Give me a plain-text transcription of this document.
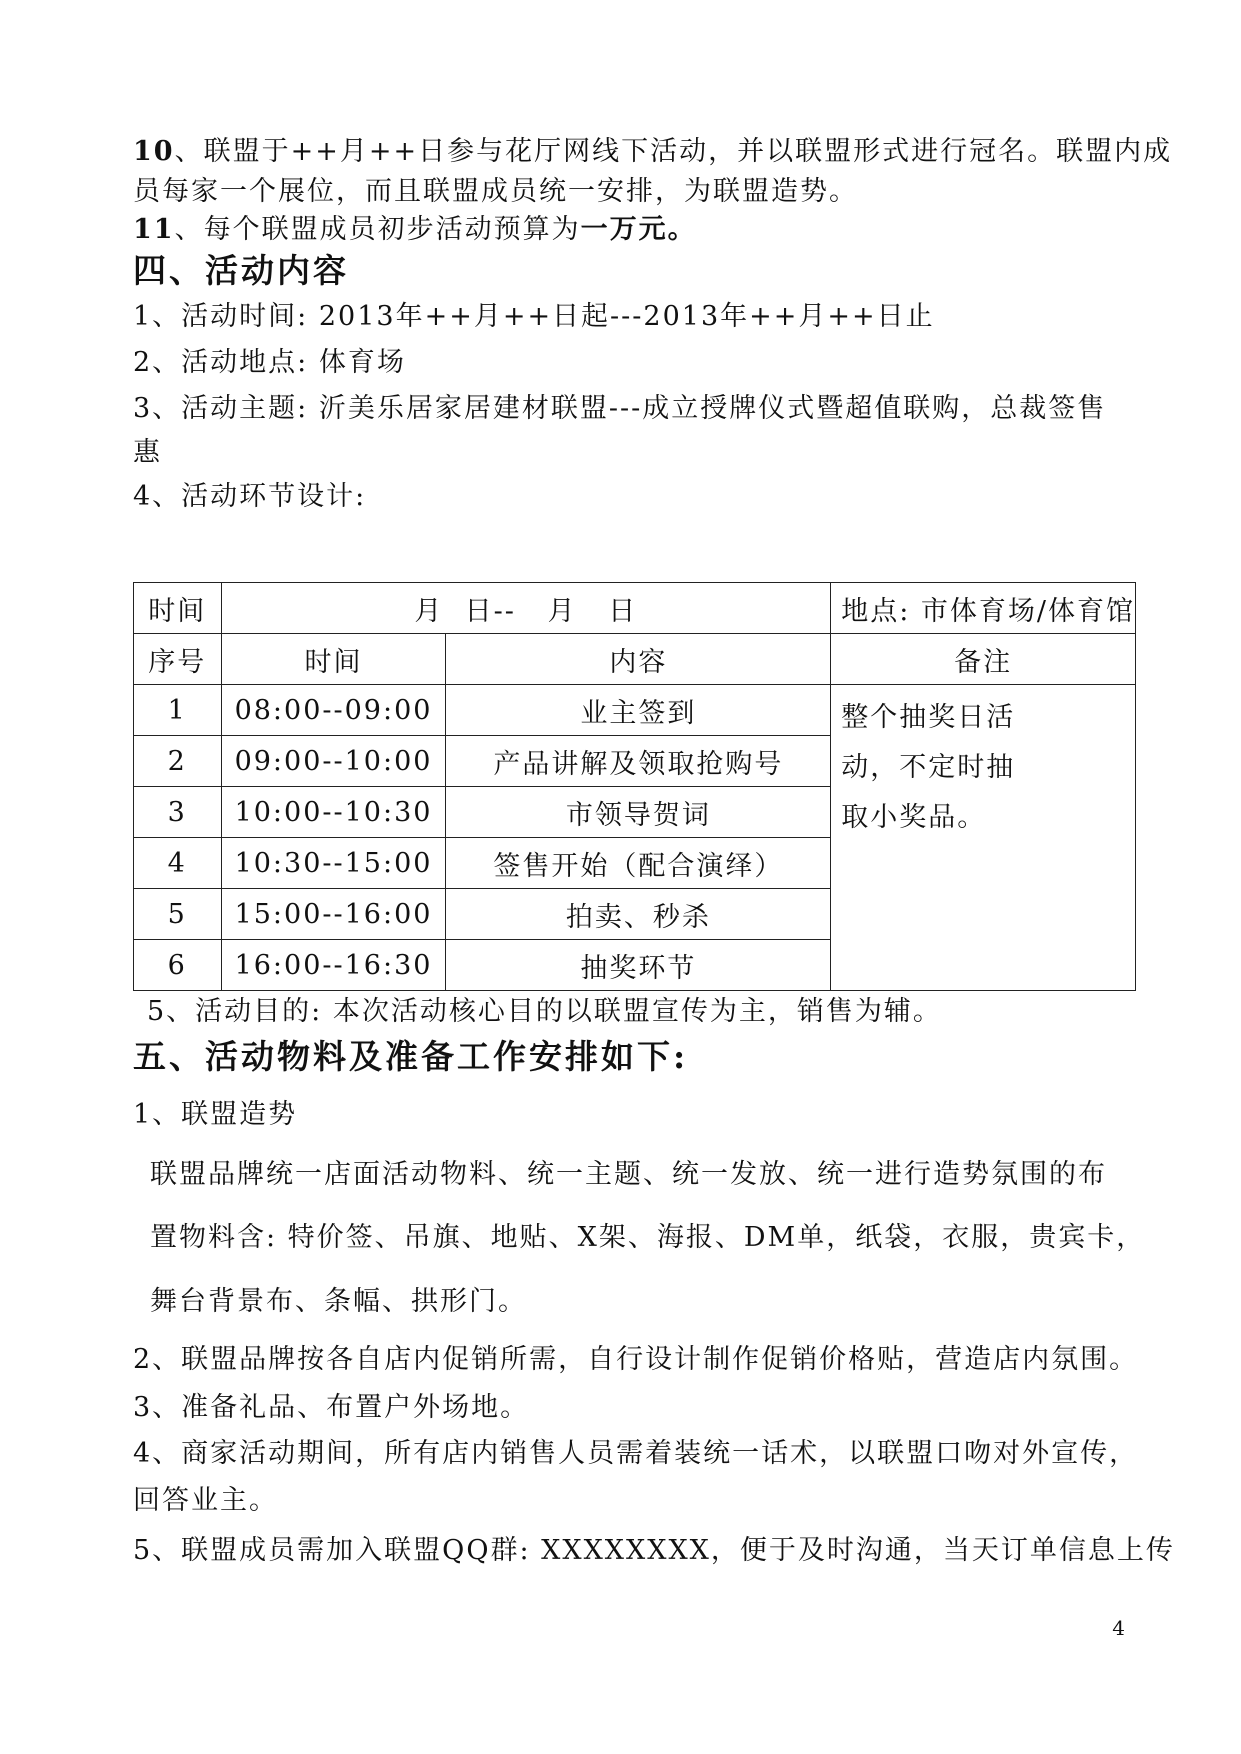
10、联盟于++月++日参与花厅网线下活动，并以联盟形式进行冠名。联盟内成
员每家一个展位，而且联盟成员统一安排，为联盟造势。
11、每个联盟成员初步活动预算为一万元。
四、活动内容
1、活动时间: 2013年++月++日起---2013年++月++日止
2、活动地点: 体育场
3、活动主题: 沂美乐居家居建材联盟---成立授牌仪式暨超值联购，总裁签售
惠
4、活动环节设计:
时间	月  日--   月   日		地点: 市体育场/体育馆
序号	时间	内容	备注
1	08:00--09:00	业主签到	整个抽奖日活
动，不定时抽
取小奖品。

2	09:00--10:00	产品讲解及领取抢购号	
3	10:00--10:30	市领导贺词	
4	10:30--15:00	签售开始（配合演绎）	
5	15:00--16:00	拍卖、秒杀	
6	16:00--16:30	抽奖环节	
5、活动目的: 本次活动核心目的以联盟宣传为主，销售为辅。
五、活动物料及准备工作安排如下:
1、联盟造势
联盟品牌统一店面活动物料、统一主题、统一发放、统一进行造势氛围的布
置物料含: 特价签、吊旗、地贴、X架、海报、DM单，纸袋，衣服，贵宾卡，
舞台背景布、条幅、拱形门。
2、联盟品牌按各自店内促销所需，自行设计制作促销价格贴，营造店内氛围。
3、准备礼品、布置户外场地。
4、商家活动期间，所有店内销售人员需着装统一话术，以联盟口吻对外宣传，
回答业主。
5、联盟成员需加入联盟QQ群: XXXXXXXX，便于及时沟通，当天订单信息上传
4
